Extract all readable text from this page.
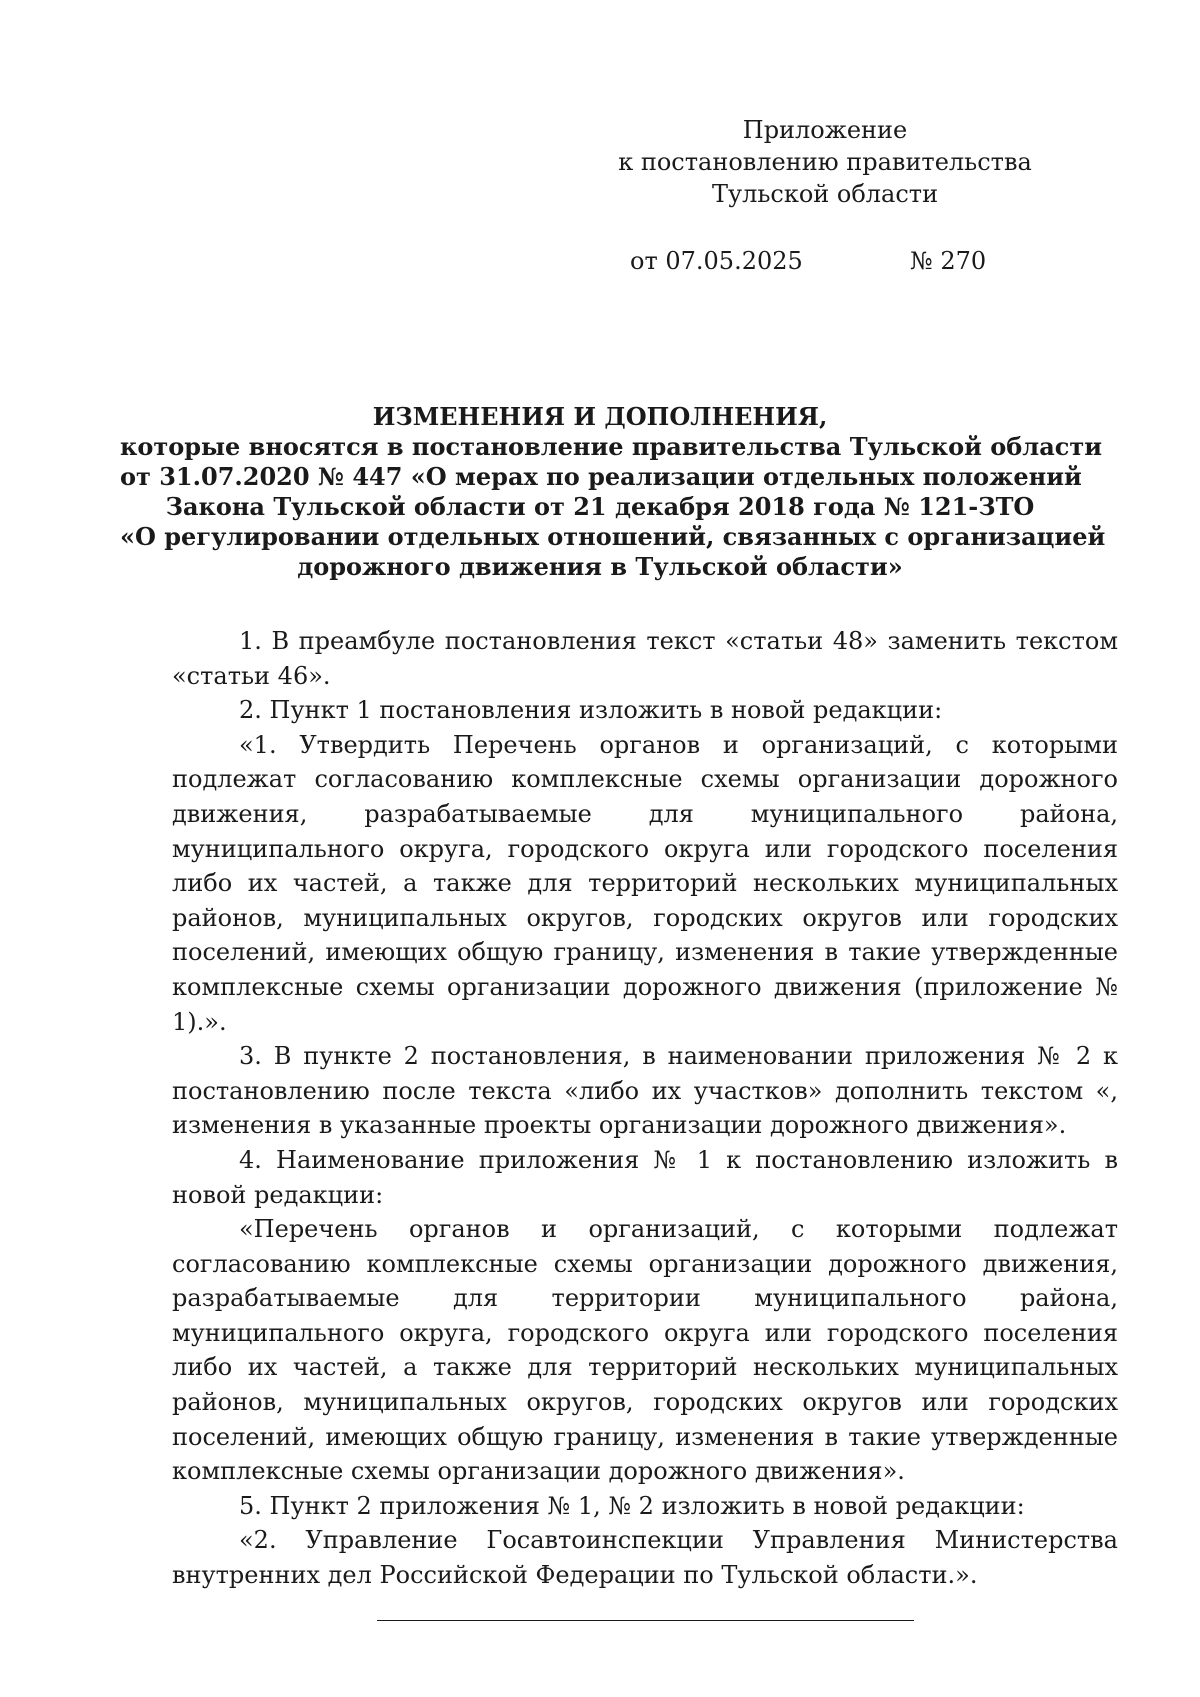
Приложение
к постановлению правительства
Тульской области
от 07.05.2025	№ 270
ИЗМЕНЕНИЯ И ДОПОЛНЕНИЯ,
которые вносятся в постановление правительства Тульской области
от 31.07.2020 № 447 «О мерах по реализации отдельных положений
Закона Тульской области от 21 декабря 2018 года № 121-ЗТО
«О регулировании отдельных отношений, связанных с организацией
дорожного движения в Тульской области»

1. В преамбуле постановления текст «статьи 48» заменить текстом «статьи 46».

2. Пункт 1 постановления изложить в новой редакции:

«1. Утвердить Перечень органов и организаций, с которыми подлежат согласованию комплексные схемы организации дорожного движения, разрабатываемые для муниципального района, муниципального округа, городского округа или городского поселения либо их частей, а также для территорий нескольких муниципальных районов, муниципальных округов, городских округов или городских поселений, имеющих общую границу, изменения в такие утвержденные комплексные схемы организации дорожного движения (приложение № 1).».

3. В пункте 2 постановления, в наименовании приложения № 2 к постановлению после текста «либо их участков» дополнить текстом «, изменения в указанные проекты организации дорожного движения».

4. Наименование приложения № 1 к постановлению изложить в новой редакции:

«Перечень органов и организаций, с которыми подлежат согласованию комплексные схемы организации дорожного движения, разрабатываемые для территории муниципального района, муниципального округа, городского округа или городского поселения либо их частей, а также для территорий нескольких муниципальных районов, муниципальных округов, городских округов или городских поселений, имеющих общую границу, изменения в такие утвержденные комплексные схемы организации дорожного движения».

5. Пункт 2 приложения № 1, № 2 изложить в новой редакции:

«2. Управление Госавтоинспекции Управления Министерства внутренних дел Российской Федерации по Тульской области.».
